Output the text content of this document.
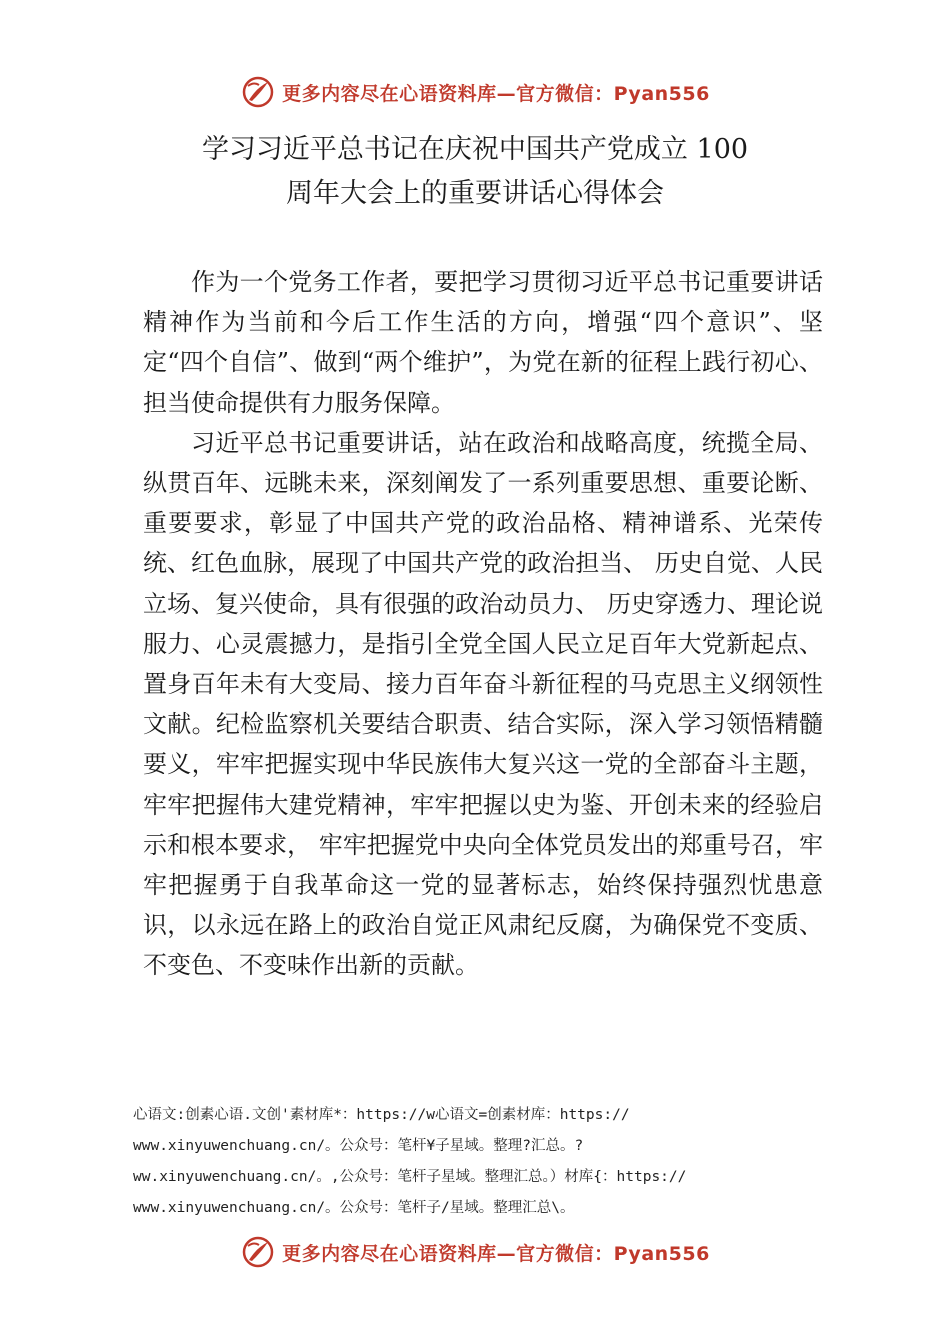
更多内容尽在心语资料库—官方微信：Pyan556
学习习近平总书记在庆祝中国共产党成立 100
周年大会上的重要讲话心得体会

作为一个党务工作者，要把学习贯彻习近平总书记重要讲话精神作为当前和今后工作生活的方向，增强“四个意识”、坚定“四个自信”、做到“两个维护”，为党在新的征程上践行初心、担当使命提供有力服务保障。

习近平总书记重要讲话，站在政治和战略高度，统揽全局、纵贯百年、远眺未来，深刻阐发了一系列重要思想、重要论断、重要要求，彰显了中国共产党的政治品格、精神谱系、光荣传统、红色血脉，展现了中国共产党的政治担当、 历史自觉、人民立场、复兴使命，具有很强的政治动员力、 历史穿透力、理论说服力、心灵震撼力，是指引全党全国人民立足百年大党新起点、置身百年未有大变局、接力百年奋斗新征程的马克思主义纲领性文献。纪检监察机关要结合职责、结合实际，深入学习领悟精髓要义，牢牢把握实现中华民族伟大复兴这一党的全部奋斗主题，牢牢把握伟大建党精神，牢牢把握以史为鉴、开创未来的经验启示和根本要求， 牢牢把握党中央向全体党员发出的郑重号召，牢牢把握勇于自我革命这一党的显著标志，始终保持强烈忧患意识，以永远在路上的政治自觉正风肃纪反腐，为确保党不变质、不变色、不变味作出新的贡献。

心语文:创素心语.文创'素材库*：https://w心语文=创素材库：https://
www.xinyuwenchuang.cn/。公众号：笔杆¥子星域。整理?汇总。?
ww.xinyuwenchuang.cn/。,公众号：笔杆子星域。整理汇总。）材库{：https://
www.xinyuwenchuang.cn/。公众号：笔杆子/星域。整理汇总\。
更多内容尽在心语资料库—官方微信：Pyan556
